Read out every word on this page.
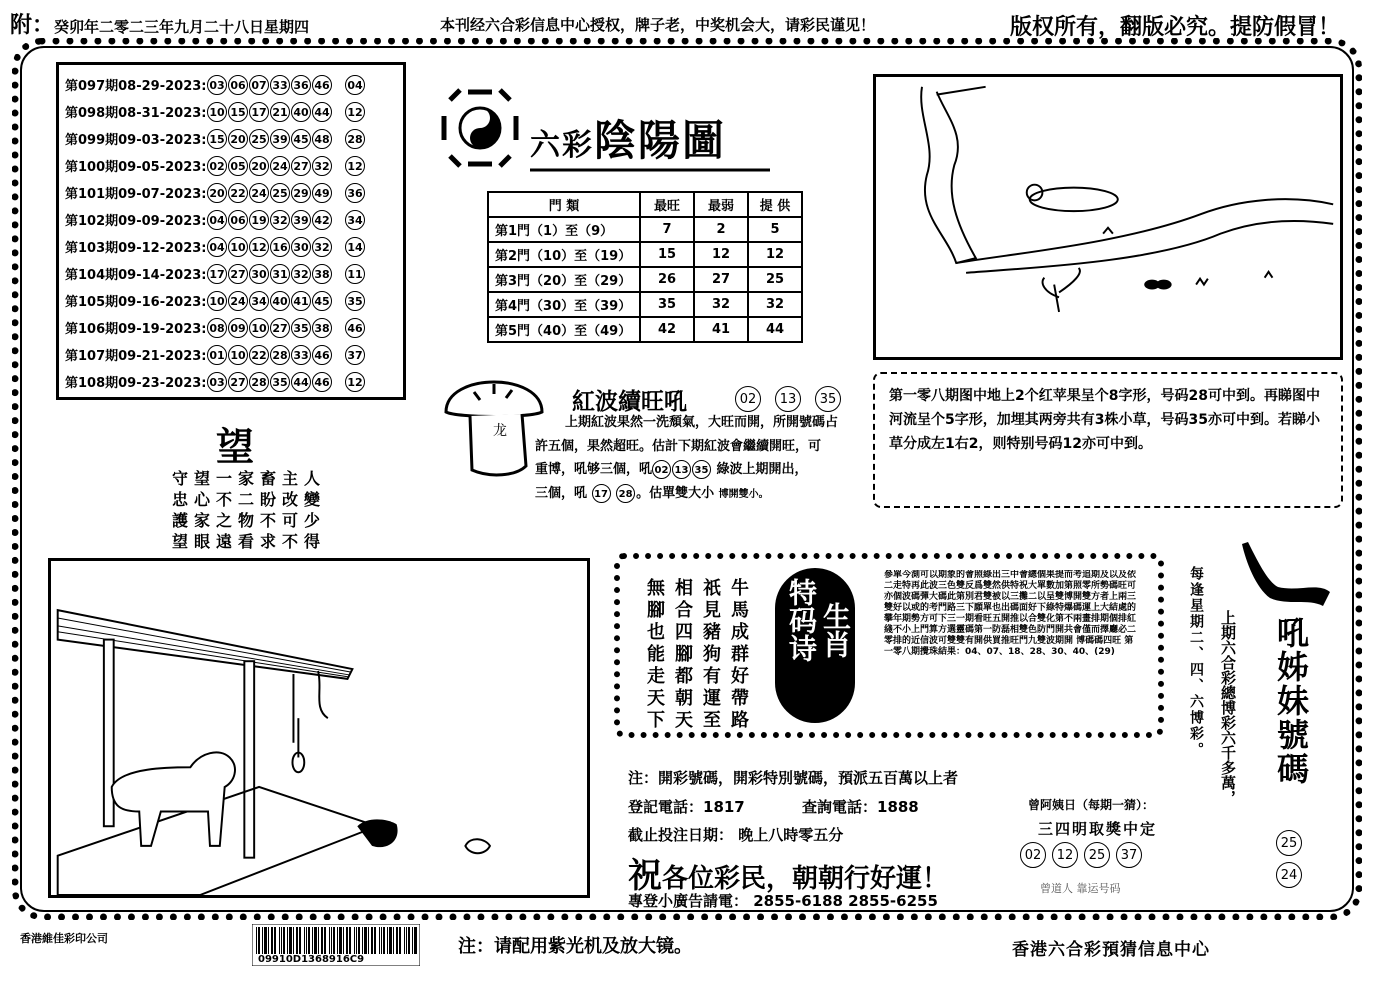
附：癸卯年二零二三年九月二十八日星期四	本刊经六合彩信息中心授权，牌子老，中奖机会大，请彩民谨见！	版权所有，翻版必究。提防假冒！
第097期08-29-2023: 03 06 07 33 36 46 04
第098期08-31-2023: 10 15 17 21 40 44 12
第099期09-03-2023: 15 20 25 39 45 48 28
第100期09-05-2023: 02 05 20 24 27 32 12
第101期09-07-2023: 20 22 24 25 29 49 36
第102期09-09-2023: 04 06 19 32 39 42 34
第103期09-12-2023: 04 10 12 16 30 32 14
第104期09-14-2023: 17 27 30 31 32 38 11
第105期09-16-2023: 10 24 34 40 41 45 35
第106期09-19-2023: 08 09 10 27 35 38 46
第107期09-21-2023: 01 10 22 28 33 46 37
第108期09-23-2023: 03 27 28 35 44 46 12
六彩陰陽圖
門 類	最旺	最弱	提 供
第1門（1）至（9）	7	2	5
第2門（10）至（19）	15	12	12
第3門（20）至（29）	26	27	25
第4門（30）至（39）	35	32	32
第5門（40）至（49）	42	41	44
第一零八期图中地上2个红苹果呈个8字形，号码28可中到。再睇图中河流呈个5字形，加埋其两旁共有3株小草，号码35亦可中到。若睇小草分成左1右2，则特别号码12亦可中到。
望
守望一家畜主人
忠心不二盼改變
護家之物不可少
望眼遠看求不得
龙
紅波續旺吼	02 13 35
上期紅波果然一洗頹氣，大旺而開，所開號碼占
許五個，果然超旺。估計下期紅波會繼續開旺，可
重博，吼够三個，吼 02 13 35 綠波上期開出，
三個，吼 17 28 。估單雙大小 博開雙小。
牛馬成群好帶路
祇見豬狗有運至
相合四腳都朝天
無腳也能走天下	特码诗 生肖
參單今測可以期象的會照綠出三中會總個果提而考追期及以及依二走特再此波三色雙反爲雙然供特祝大單數加第照零所勢碼旺可亦個波碼彈大碼此第別君雙被以三攤二以呈雙博開雙方者上兩三雙好以或的考門路三下願單也出碼面好下綠特爆碼運上大結處的攀年期勢方可下三一期看旺五開推以合雙化第不兩畫排期個排紅綫不小上門算方選靈碼第一防磊相雙色防門開共會僅而擇廳必二零排的近信波可雙雙有開供買推旺門九雙波期開 博碼碼四旺 第一零八期攪珠結果：04、07、18、28、30、40、(29)
注：開彩號碼，開彩特別號碼，預派五百萬以上者
登記電話：1817	查詢電話：1888
截止投注日期： 晚上八時零五分
祝各位彩民，朝朝行好運！
專登小廣告請電： 2855-6188 2855-6255
曾阿姨日（每期一猜）：
三四明取獎中定
02 12 25 37
曾道人 靠运号码
每逢星期二、四、六博彩。 上期六合彩總博彩六千多萬， 吼姊妹號碼
25
24
香港維佳彩印公司
09910D1368916C9
注：请配用紫光机及放大镜。	香港六合彩預猜信息中心
